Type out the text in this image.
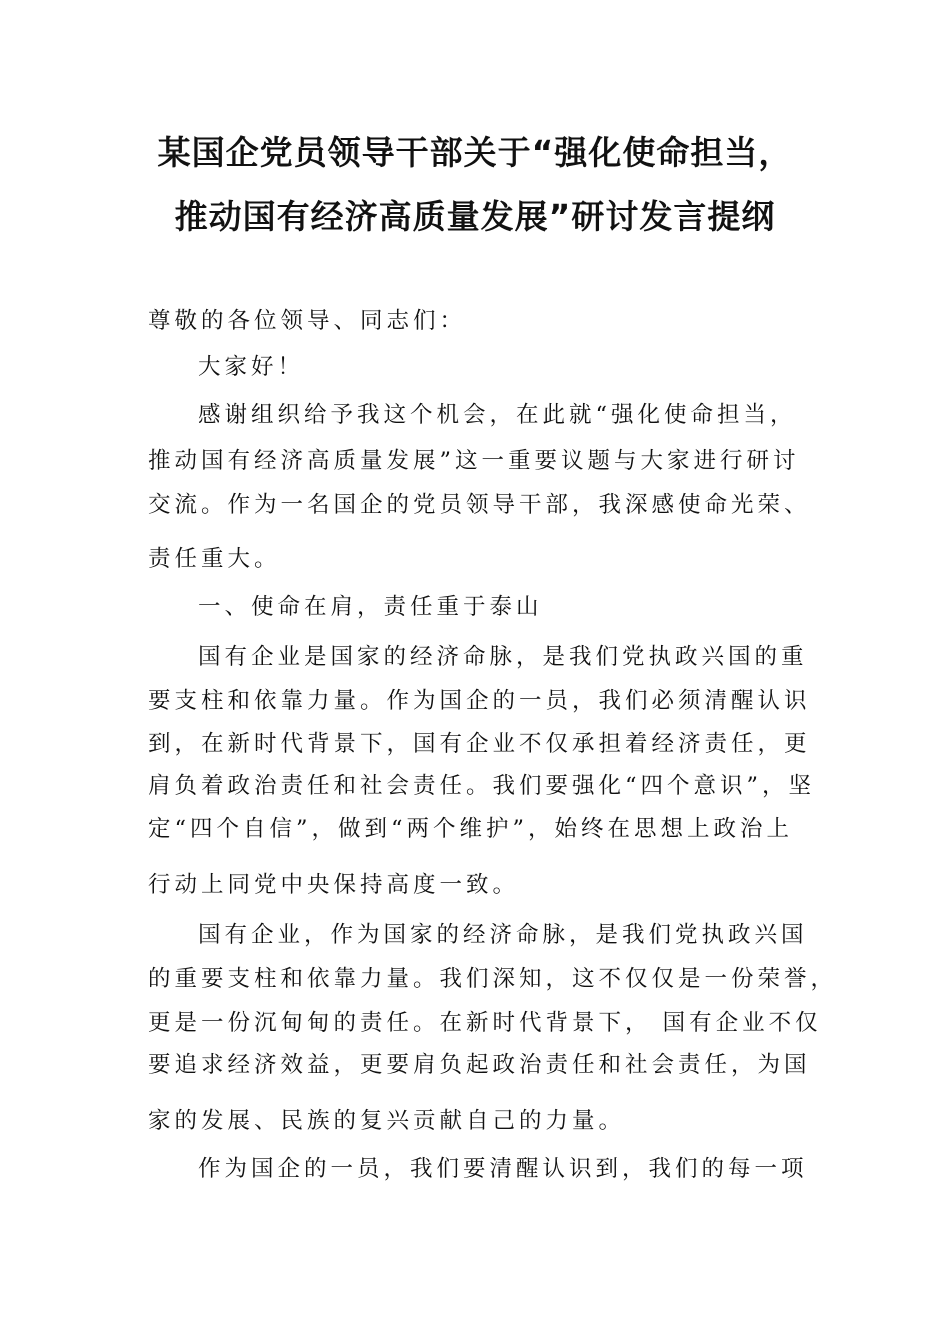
某国企党员领导干部关于“强化使命担当，
推动国有经济高质量发展”研讨发言提纲
尊敬的各位领导、同志们：
大家好！
感谢组织给予我这个机会，在此就“强化使命担当，
推动国有经济高质量发展”这一重要议题与大家进行研讨
交流。作为一名国企的党员领导干部，我深感使命光荣、
责任重大。
一、使命在肩，责任重于泰山
国有企业是国家的经济命脉，是我们党执政兴国的重
要支柱和依靠力量。作为国企的一员，我们必须清醒认识
到，在新时代背景下，国有企业不仅承担着经济责任，更
肩负着政治责任和社会责任。我们要强化“四个意识”，坚
定“四个自信”，做到“两个维护”，始终在思想上政治上
行动上同党中央保持高度一致。
国有企业，作为国家的经济命脉，是我们党执政兴国
的重要支柱和依靠力量。我们深知，这不仅仅是一份荣誉，
更是一份沉甸甸的责任。在新时代背景下， 国有企业不仅
要追求经济效益，更要肩负起政治责任和社会责任，为国
家的发展、民族的复兴贡献自己的力量。
作为国企的一员，我们要清醒认识到，我们的每一项
